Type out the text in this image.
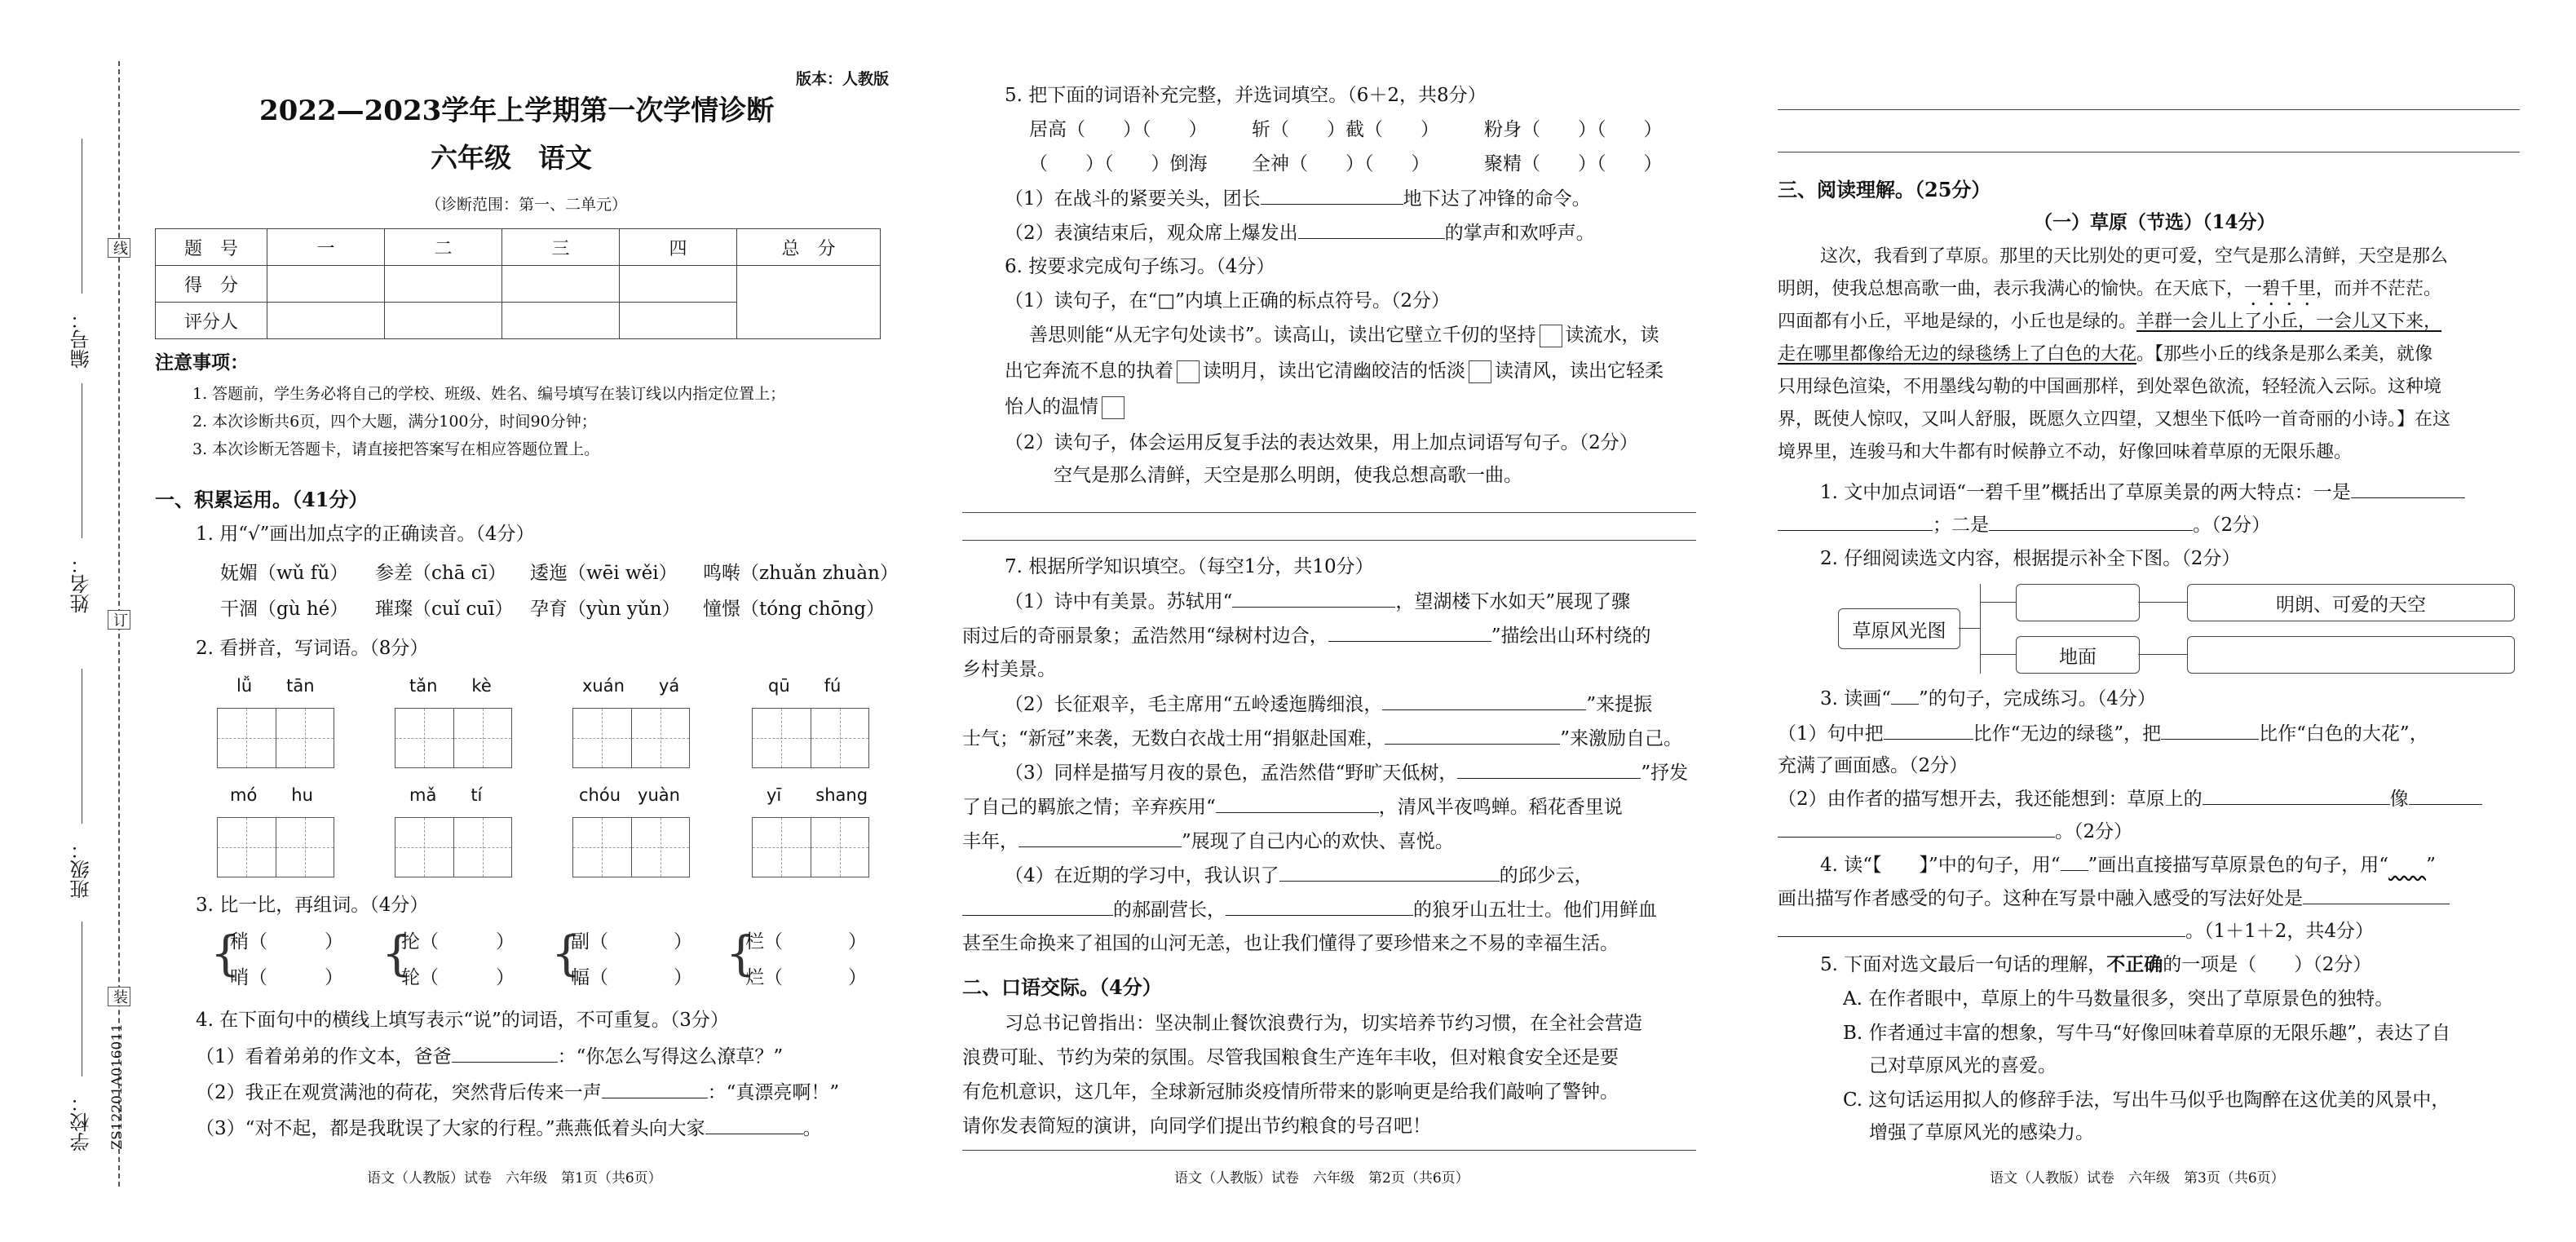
线
订
装
编号：
姓名：
班级：
学校： ZS12201A016011
版本：人教版
2022—2023学年上学期第一次学情诊断
六年级　语文
（诊断范围：第一、二单元）
题　号	一	二	三	四	总　分
得　分					
评分人					
注意事项：
1. 答题前，学生务必将自己的学校、班级、姓名、编号填写在装订线以内指定位置上；
2. 本次诊断共6页，四个大题，满分100分，时间90分钟；
3. 本次诊断无答题卡，请直接把答案写在相应答题位置上。
一、积累运用。（41分）
1. 用“√”画出加点字的正确读音。（4分）
妩媚（wǔ fǔ） 参差（chā cī） 逶迤（wēi wěi） 鸣啭（zhuǎn zhuàn）
干涸（gù hé） 璀璨（cuǐ cuī） 孕育（yùn yǔn） 憧憬（tóng chōng）
2. 看拼音，写词语。（8分）
lǚ　　tān	tǎn　　kè	xuán　　yá	qū　　fú
mó　　hu	mǎ　　tí	chóu　yuàn	yī　　shang
3. 比一比，再组词。（4分）
{
稍（	）
哨（	） {
抡（	）
轮（	） {
副（	）
幅（	） {
栏（	）
烂（	）
4. 在下面句中的横线上填写表示“说”的词语，不可重复。（3分）
（1）看着弟弟的作文本，爸爸	：“你怎么写得这么潦草？”
（2）我正在观赏满池的荷花，突然背后传来一声	：“真漂亮啊！”
（3）“对不起，都是我耽误了大家的行程。”燕燕低着头向大家	。
语文（人教版）试卷　六年级　第1页（共6页）
5. 把下面的词语补充完整，并选词填空。（6＋2，共8分）
居高（　　）（　　） 斩（　　）截（　　） 粉身（　　）（　　）
（　　）（　　）倒海 全神（　　）（　　）	聚精（　　）（　　）
（1）在战斗的紧要关头，团长	地下达了冲锋的命令。
（2）表演结束后，观众席上爆发出	的掌声和欢呼声。
6. 按要求完成句子练习。（4分）
（1）读句子，在“□”内填上正确的标点符号。（2分）
善思则能“从无字句处读书”。读高山，读出它壁立千仞的坚持 读流水，读
出它奔流不息的执着 读明月，读出它清幽皎洁的恬淡 读清风，读出它轻柔
怡人的温情
（2）读句子，体会运用反复手法的表达效果，用上加点词语写句子。（2分）
空气是那么清鲜，天空是那么明朗，使我总想高歌一曲。
7. 根据所学知识填空。（每空1分，共10分）
（1）诗中有美景。苏轼用“	，望湖楼下水如天”展现了骤
雨过后的奇丽景象；孟浩然用“绿树村边合，	”描绘出山环村绕的
乡村美景。
（2）长征艰辛，毛主席用“五岭逶迤腾细浪，	”来提振
士气；“新冠”来袭，无数白衣战士用“捐躯赴国难，	”来激励自己。
（3）同样是描写月夜的景色，孟浩然借“野旷天低树，	”抒发
了自己的羁旅之情；辛弃疾用“	，清风半夜鸣蝉。稻花香里说
丰年，	”展现了自己内心的欢快、喜悦。
（4）在近期的学习中，我认识了	的邱少云，
的郝副营长，	的狼牙山五壮士。他们用鲜血
甚至生命换来了祖国的山河无恙，也让我们懂得了要珍惜来之不易的幸福生活。
二、口语交际。（4分）
习总书记曾指出：坚决制止餐饮浪费行为，切实培养节约习惯，在全社会营造
浪费可耻、节约为荣的氛围。尽管我国粮食生产连年丰收，但对粮食安全还是要
有危机意识，这几年，全球新冠肺炎疫情所带来的影响更是给我们敲响了警钟。
请你发表简短的演讲，向同学们提出节约粮食的号召吧！
语文（人教版）试卷　六年级　第2页（共6页）
三、阅读理解。（25分）
（一）草原（节选）（14分）
这次，我看到了草原。那里的天比别处的更可爱，空气是那么清鲜，天空是那么
明朗，使我总想高歌一曲，表示我满心的愉快。在天底下，一碧千里，而并不茫茫。
四面都有小丘，平地是绿的，小丘也是绿的。羊群一会儿上了小丘，一会儿又下来，
走在哪里都像给无边的绿毯绣上了白色的大花。【那些小丘的线条是那么柔美，就像
只用绿色渲染，不用墨线勾勒的中国画那样，到处翠色欲流，轻轻流入云际。这种境
界，既使人惊叹，又叫人舒服，既愿久立四望，又想坐下低吟一首奇丽的小诗。】在这
境界里，连骏马和大牛都有时候静立不动，好像回味着草原的无限乐趣。
1. 文中加点词语“一碧千里”概括出了草原美景的两大特点：一是
；二是	。（2分）
2. 仔细阅读选文内容，根据提示补全下图。（2分）
草原风光图
地面
明朗、可爱的天空
3. 读画“ ”的句子，完成练习。（4分）
（1）句中把	比作“无边的绿毯”，把	比作“白色的大花”，
充满了画面感。（2分）
（2）由作者的描写想开去，我还能想到：草原上的	像
。（2分）
4. 读“【　　】”中的句子，用“ ”画出直接描写草原景色的句子，用“　　 ”
画出描写作者感受的句子。这种在写景中融入感受的写法好处是
。（1＋1＋2，共4分）
5. 下面对选文最后一句话的理解，不正确的一项是（　　）（2分）
A. 在作者眼中，草原上的牛马数量很多，突出了草原景色的独特。
B. 作者通过丰富的想象，写牛马“好像回味着草原的无限乐趣”，表达了自
己对草原风光的喜爱。
C. 这句话运用拟人的修辞手法，写出牛马似乎也陶醉在这优美的风景中，
增强了草原风光的感染力。
语文（人教版）试卷　六年级　第3页（共6页）
